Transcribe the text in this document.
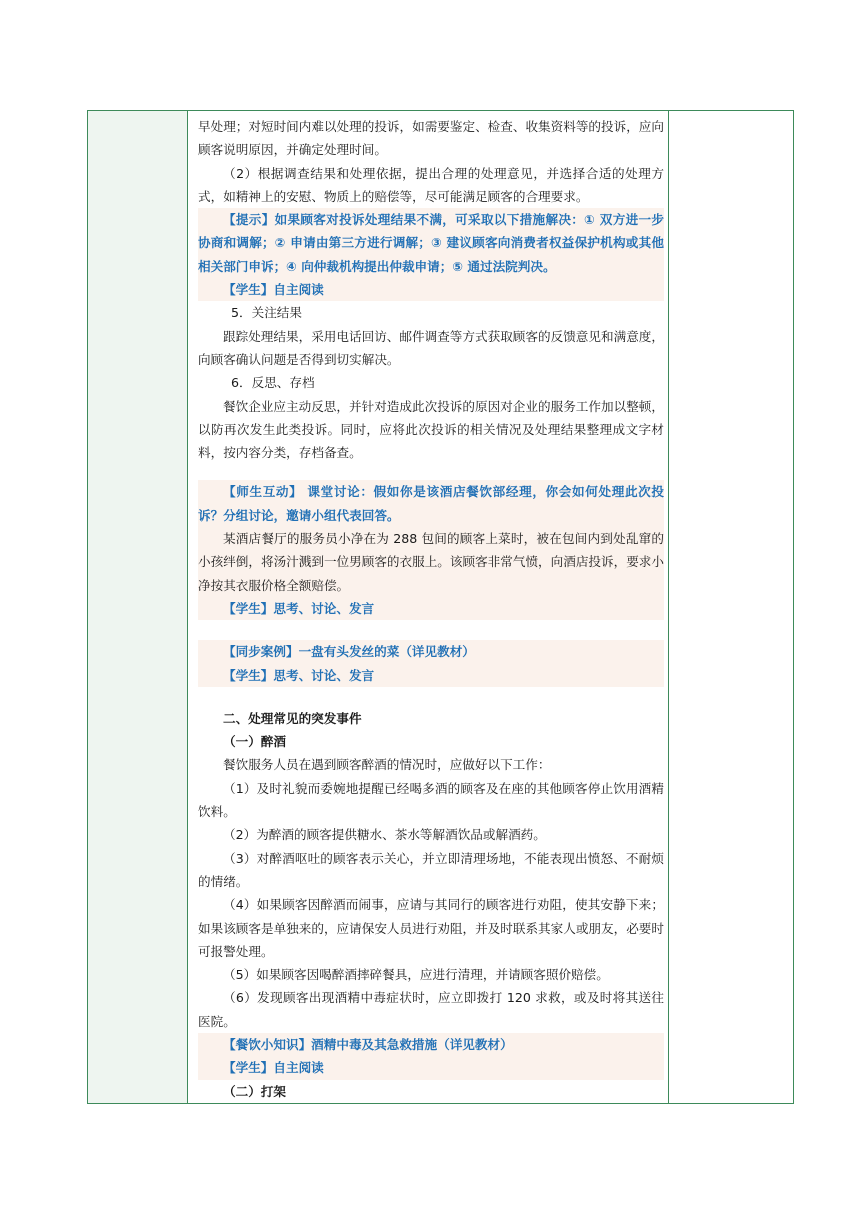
早处理；对短时间内难以处理的投诉，如需要鉴定、检查、收集资料等的投诉，应向顾客说明原因，并确定处理时间。

（2）根据调查结果和处理依据，提出合理的处理意见，并选择合适的处理方式，如精神上的安慰、物质上的赔偿等，尽可能满足顾客的合理要求。

【提示】如果顾客对投诉处理结果不满，可采取以下措施解决：① 双方进一步协商和调解；② 申请由第三方进行调解；③ 建议顾客向消费者权益保护机构或其他相关部门申诉；④ 向仲裁机构提出仲裁申请；⑤ 通过法院判决。

【学生】自主阅读

5．关注结果

跟踪处理结果，采用电话回访、邮件调查等方式获取顾客的反馈意见和满意度，向顾客确认问题是否得到切实解决。

6．反思、存档

餐饮企业应主动反思，并针对造成此次投诉的原因对企业的服务工作加以整顿，以防再次发生此类投诉。同时，应将此次投诉的相关情况及处理结果整理成文字材料，按内容分类，存档备查。

【师生互动】 课堂讨论：假如你是该酒店餐饮部经理，你会如何处理此次投诉？分组讨论，邀请小组代表回答。

某酒店餐厅的服务员小净在为 288 包间的顾客上菜时，被在包间内到处乱窜的小孩绊倒，将汤汁溅到一位男顾客的衣服上。该顾客非常气愤，向酒店投诉，要求小净按其衣服价格全额赔偿。

【学生】思考、讨论、发言

【同步案例】一盘有头发丝的菜（详见教材）

【学生】思考、讨论、发言

二、处理常见的突发事件

（一）醉酒

餐饮服务人员在遇到顾客醉酒的情况时，应做好以下工作：

（1）及时礼貌而委婉地提醒已经喝多酒的顾客及在座的其他顾客停止饮用酒精饮料。

（2）为醉酒的顾客提供糖水、茶水等解酒饮品或解酒药。

（3）对醉酒呕吐的顾客表示关心，并立即清理场地，不能表现出愤怒、不耐烦的情绪。

（4）如果顾客因醉酒而闹事，应请与其同行的顾客进行劝阻，使其安静下来；如果该顾客是单独来的，应请保安人员进行劝阻，并及时联系其家人或朋友，必要时可报警处理。

（5）如果顾客因喝醉酒摔碎餐具，应进行清理，并请顾客照价赔偿。

（6）发现顾客出现酒精中毒症状时，应立即拨打 120 求救，或及时将其送往医院。

【餐饮小知识】酒精中毒及其急救措施（详见教材）

【学生】自主阅读

（二）打架
